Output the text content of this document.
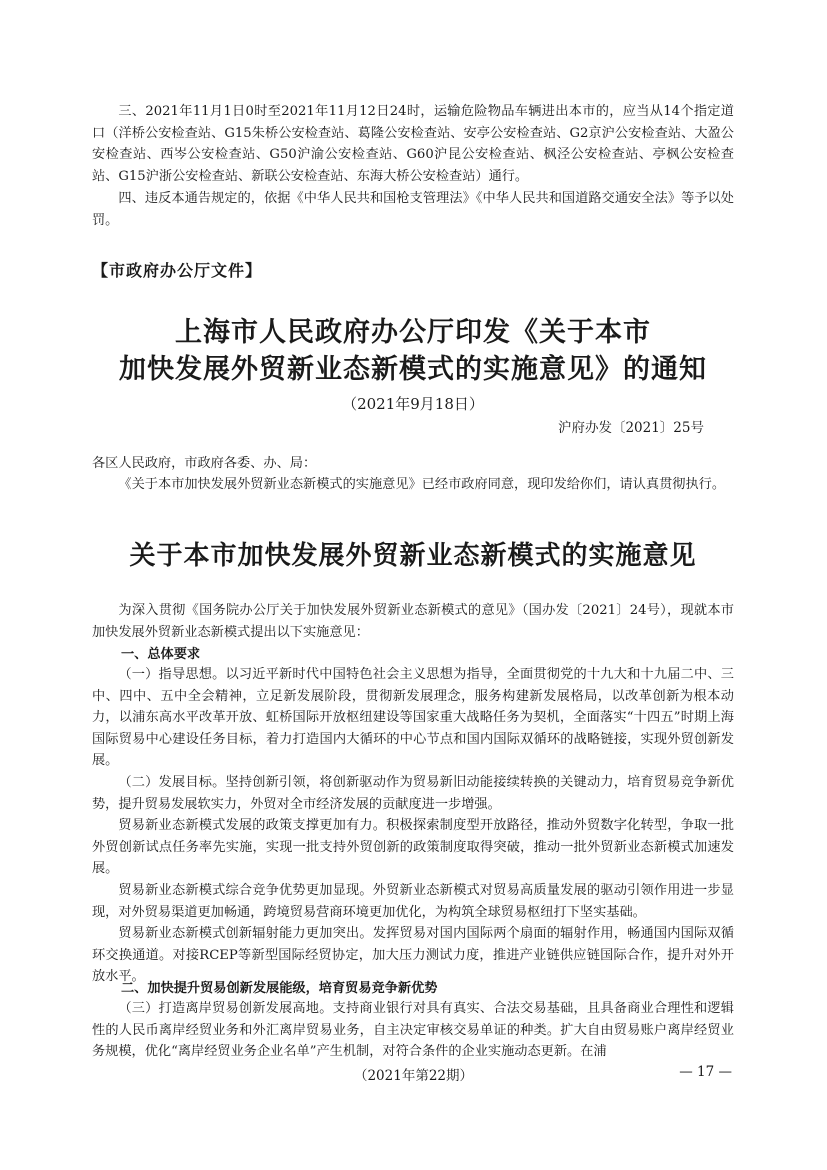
三、2021年11月1日0时至2021年11月12日24时，运输危险物品车辆进出本市的，应当从14个指定道口（洋桥公安检查站、G15朱桥公安检查站、葛隆公安检查站、安亭公安检查站、G2京沪公安检查站、大盈公安检查站、西岑公安检查站、G50沪渝公安检查站、G60沪昆公安检查站、枫泾公安检查站、亭枫公安检查站、G15沪浙公安检查站、新联公安检查站、东海大桥公安检查站）通行。

四、违反本通告规定的，依据《中华人民共和国枪支管理法》《中华人民共和国道路交通安全法》等予以处罚。

【市政府办公厅文件】
上海市人民政府办公厅印发《关于本市
加快发展外贸新业态新模式的实施意见》的通知
（2021年9月18日）
沪府办发〔2021〕25号

各区人民政府，市政府各委、办、局：

《关于本市加快发展外贸新业态新模式的实施意见》已经市政府同意，现印发给你们，请认真贯彻执行。

关于本市加快发展外贸新业态新模式的实施意见

为深入贯彻《国务院办公厅关于加快发展外贸新业态新模式的意见》（国办发〔2021〕24号），现就本市加快发展外贸新业态新模式提出以下实施意见：

一、总体要求

（一）指导思想。以习近平新时代中国特色社会主义思想为指导，全面贯彻党的十九大和十九届二中、三中、四中、五中全会精神，立足新发展阶段，贯彻新发展理念，服务构建新发展格局，以改革创新为根本动力，以浦东高水平改革开放、虹桥国际开放枢纽建设等国家重大战略任务为契机，全面落实“十四五”时期上海国际贸易中心建设任务目标，着力打造国内大循环的中心节点和国内国际双循环的战略链接，实现外贸创新发展。

（二）发展目标。坚持创新引领，将创新驱动作为贸易新旧动能接续转换的关键动力，培育贸易竞争新优势，提升贸易发展软实力，外贸对全市经济发展的贡献度进一步增强。

贸易新业态新模式发展的政策支撑更加有力。积极探索制度型开放路径，推动外贸数字化转型，争取一批外贸创新试点任务率先实施，实现一批支持外贸创新的政策制度取得突破，推动一批外贸新业态新模式加速发展。

贸易新业态新模式综合竞争优势更加显现。外贸新业态新模式对贸易高质量发展的驱动引领作用进一步显现，对外贸易渠道更加畅通，跨境贸易营商环境更加优化，为构筑全球贸易枢纽打下坚实基础。

贸易新业态新模式创新辐射能力更加突出。发挥贸易对国内国际两个扇面的辐射作用，畅通国内国际双循环交换通道。对接RCEP等新型国际经贸协定，加大压力测试力度，推进产业链供应链国际合作，提升对外开放水平。

二、加快提升贸易创新发展能级，培育贸易竞争新优势

（三）打造离岸贸易创新发展高地。支持商业银行对具有真实、合法交易基础，且具备商业合理性和逻辑性的人民币离岸经贸业务和外汇离岸贸易业务，自主决定审核交易单证的种类。扩大自由贸易账户离岸经贸业务规模，优化“离岸经贸业务企业名单”产生机制，对符合条件的企业实施动态更新。在浦

（2021年第22期）	— 17 —
